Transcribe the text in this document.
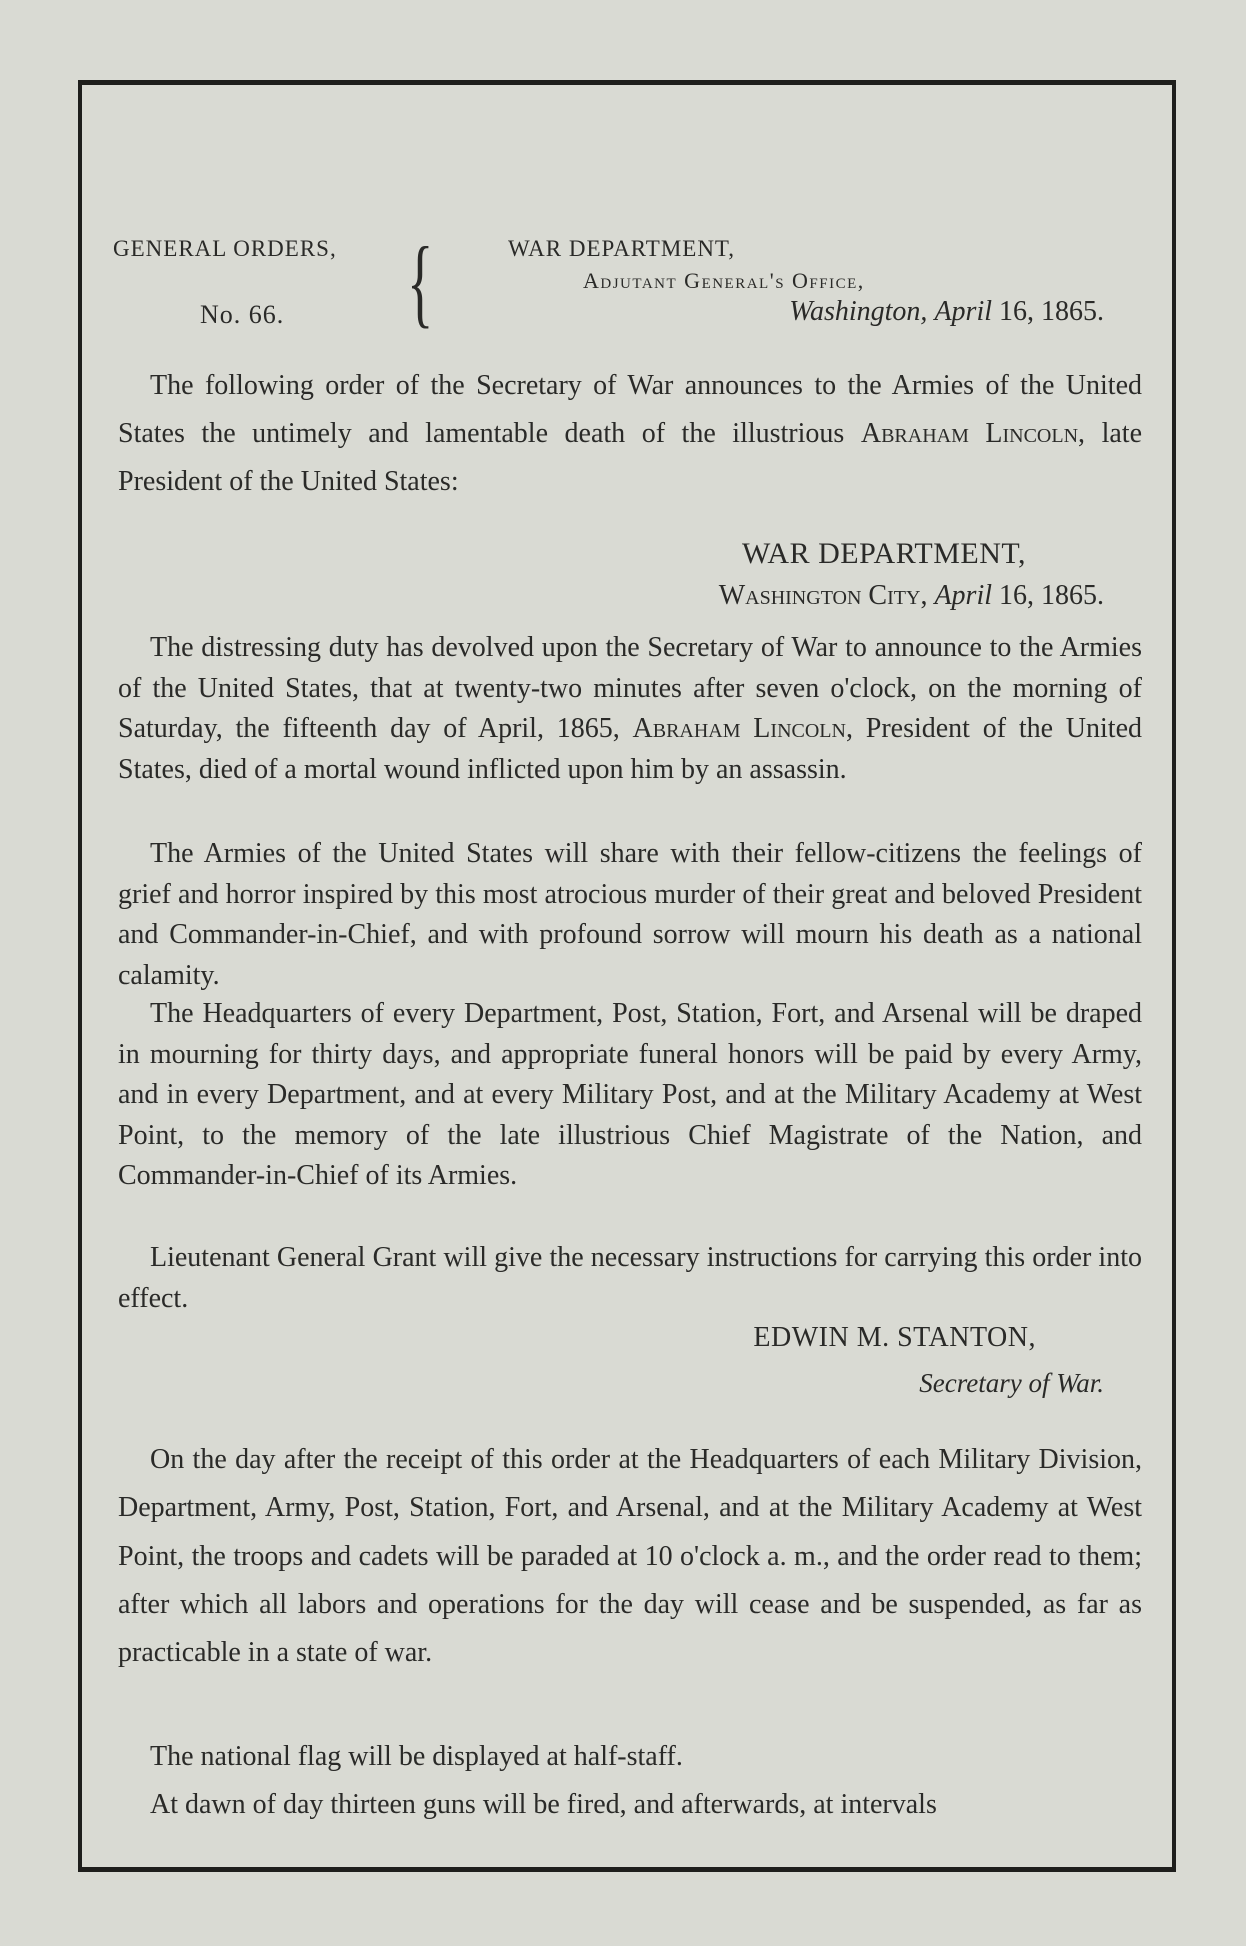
GENERAL ORDERS,
No. 66. {	WAR DEPARTMENT,
Adjutant General's Office,
Washington, April 16, 1865.
The following order of the Secretary of War announces to the Armies of the United States the untimely and lamentable death of the illustrious Abraham Lincoln, late President of the United States:
WAR DEPARTMENT,
Washington City, April 16, 1865.
The distressing duty has devolved upon the Secretary of War to announce to the Armies of the United States, that at twenty-two minutes after seven o'clock, on the morning of Saturday, the fifteenth day of April, 1865, Abraham Lincoln, President of the United States, died of a mortal wound inflicted upon him by an assassin.
The Armies of the United States will share with their fellow-citizens the feelings of grief and horror inspired by this most atrocious murder of their great and beloved President and Commander-in-Chief, and with profound sorrow will mourn his death as a national calamity.
The Headquarters of every Department, Post, Station, Fort, and Arsenal will be draped in mourning for thirty days, and appropriate funeral honors will be paid by every Army, and in every Department, and at every Military Post, and at the Military Academy at West Point, to the memory of the late illustrious Chief Magistrate of the Nation, and Commander-in-Chief of its Armies.
Lieutenant General Grant will give the necessary instructions for carrying this order into effect.
EDWIN M. STANTON,
Secretary of War.
On the day after the receipt of this order at the Headquarters of each Military Division, Department, Army, Post, Station, Fort, and Arsenal, and at the Military Academy at West Point, the troops and cadets will be paraded at 10 o'clock a. m., and the order read to them; after which all labors and operations for the day will cease and be suspended, as far as practicable in a state of war.
The national flag will be displayed at half-staff.
At dawn of day thirteen guns will be fired, and afterwards, at intervals
